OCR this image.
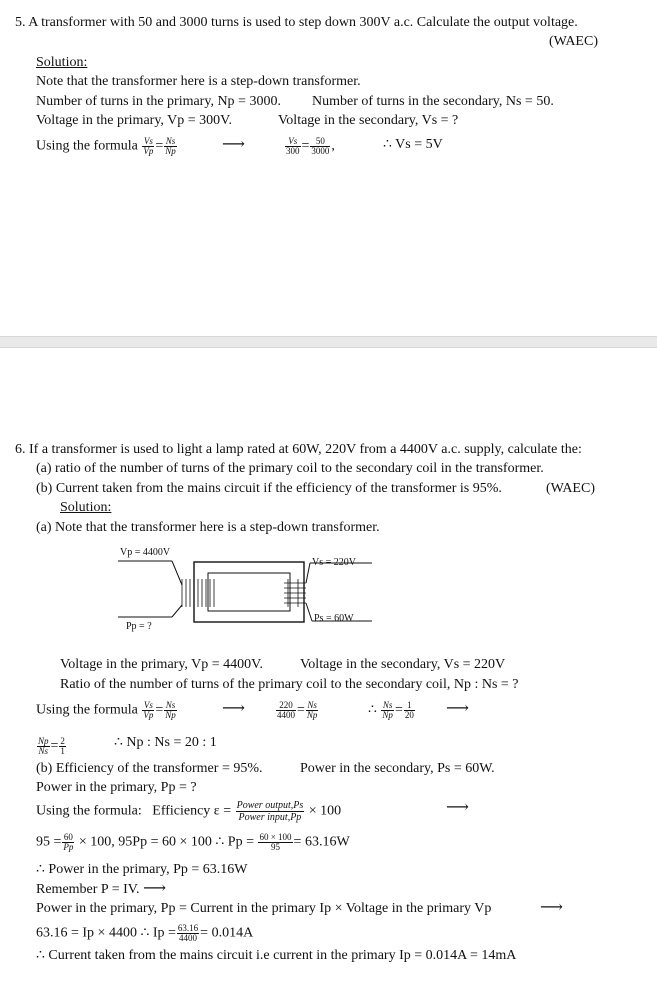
5. A transformer with 50 and 3000 turns is used to step down 300V a.c. Calculate the output voltage.
(WAEC)
Solution:
Note that the transformer here is a step-down transformer.
Number of turns in the primary, Np = 3000. Number of turns in the secondary, Ns = 50.
Voltage in the primary, Vp = 300V.	Voltage in the secondary, Vs = ?
Using the formula $\frac{Vs}{Vp} = \frac{Ns}{Np}$	⟶	$\frac{Vs}{300} = \frac{50}{3000}$ ,	∴ Vs = 5V
6. If a transformer is used to light a lamp rated at 60W, 220V from a 4400V a.c. supply, calculate the:
(a) ratio of the number of turns of the primary coil to the secondary coil in the transformer.
(b) Current taken from the mains circuit if the efficiency of the transformer is 95%.	(WAEC)
Solution:
(a) Note that the transformer here is a step-down transformer.
Vp = 4400V
Vs = 220V
Pp = ?
Ps = 60W
Voltage in the primary, Vp = 4400V.	Voltage in the secondary, Vs = 220V
Ratio of the number of turns of the primary coil to the secondary coil, Np : Ns = ?
Using the formula $\frac{Vs}{Vp} = \frac{Ns}{Np}$	⟶	$\frac{220}{4400} = \frac{Ns}{Np}$	∴ $\frac{Ns}{Np} = \frac{1}{20}$ ⟶
$\frac{Np}{Ns} = \frac{2}{1}$	∴ Np : Ns = 20 : 1
(b) Efficiency of the transformer = 95%.	Power in the secondary, Ps = 60W.
Power in the primary, Pp = ?
Using the formula: Efficiency ε = Power output,Ps
Power input,Pp × 100	⟶
$95 = \frac{60}{Pp} \times 100$, 95Pp = 60 × 100 ∴ $Pp = \frac{60 \times 100}{95} = 63.16W$
∴ Power in the primary, Pp = 63.16W
Remember P = IV. ⟶
Power in the primary, Pp = Current in the primary Ip × Voltage in the primary Vp	⟶
63.16 = Ip × 4400 ∴ $Ip = \frac{63.16}{4400} = 0.014A$
∴ Current taken from the mains circuit i.e current in the primary Ip = 0.014A = 14mA
